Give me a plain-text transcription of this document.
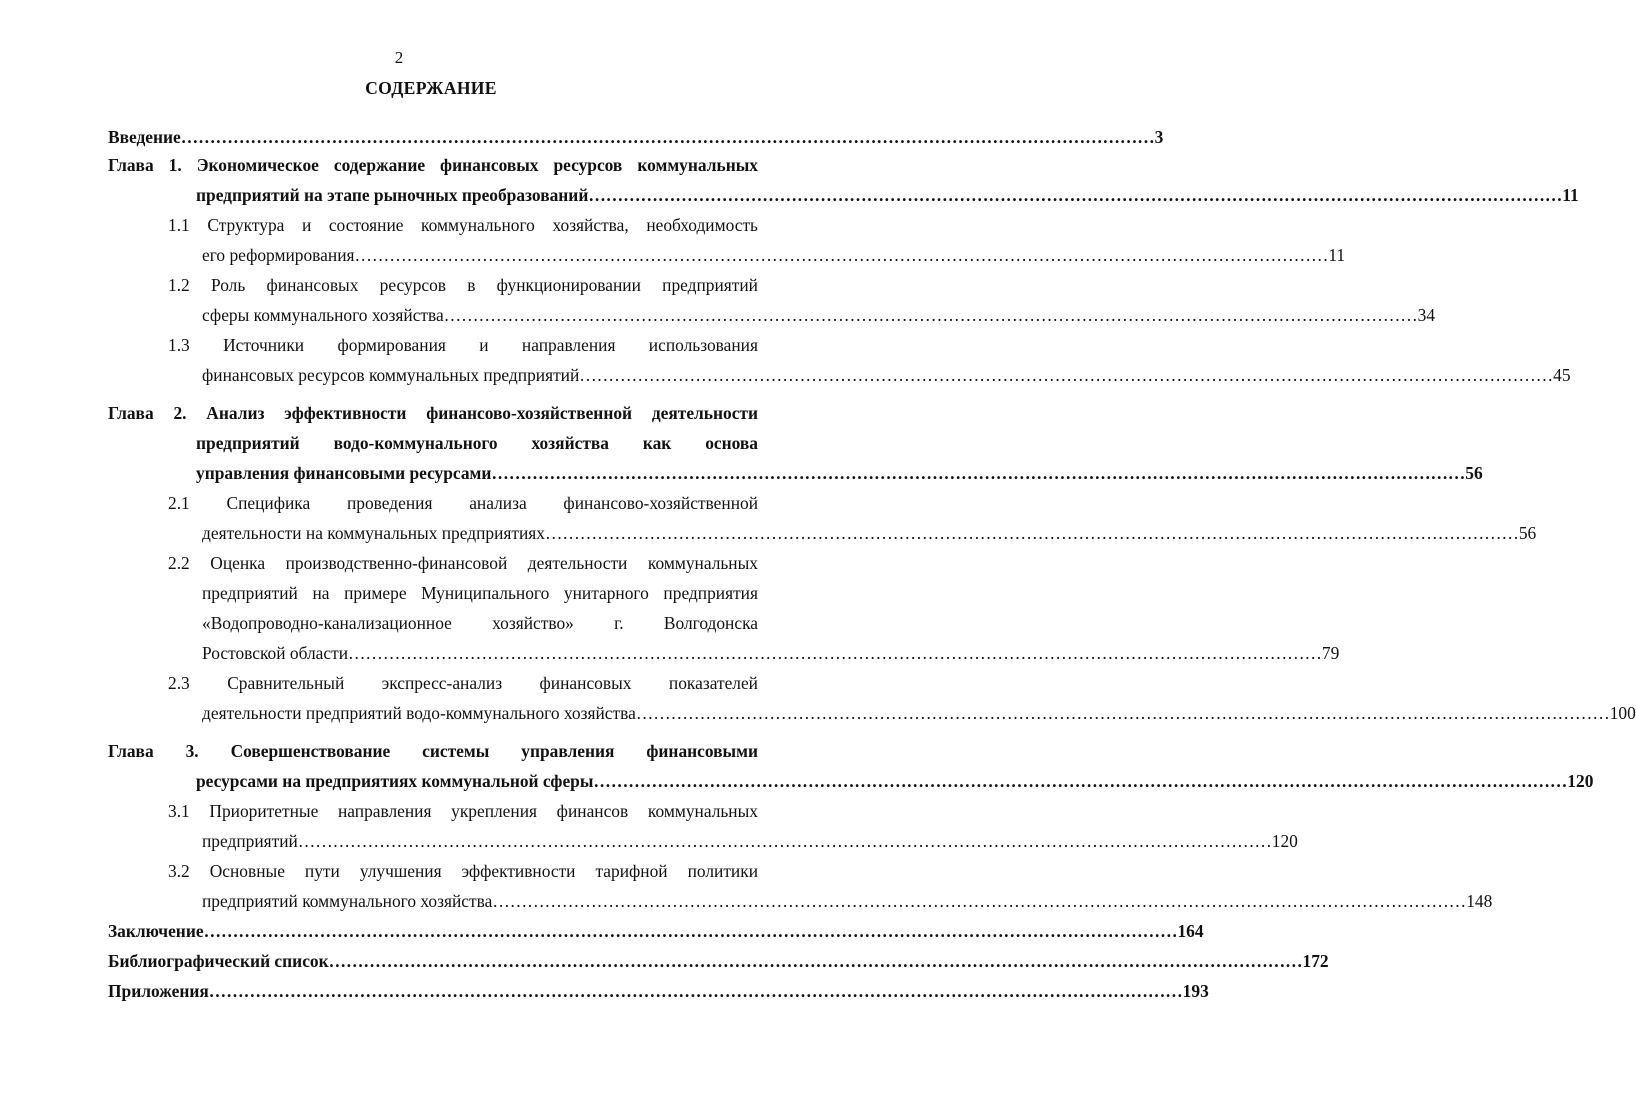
2
СОДЕРЖАНИЕ
Введение …………………………………………………………………………………………………………………………………………………… 3
Глава 1. Экономическое содержание финансовых ресурсов коммунальных
предприятий на этапе рыночных преобразований …………………………………………………………………………………………………………………………………………………… 11
1.1 Структура и состояние коммунального хозяйства, необходимость
его реформирования …………………………………………………………………………………………………………………………………………………… 11
1.2 Роль финансовых ресурсов в функционировании предприятий
сферы коммунального хозяйства …………………………………………………………………………………………………………………………………………………… 34
1.3 Источники формирования и направления использования
финансовых ресурсов коммунальных предприятий …………………………………………………………………………………………………………………………………………………… 45
Глава 2. Анализ эффективности финансово-хозяйственной деятельности
предприятий водо-коммунального хозяйства как основа
управления финансовыми ресурсами …………………………………………………………………………………………………………………………………………………… 56
2.1 Специфика проведения анализа финансово-хозяйственной
деятельности на коммунальных предприятиях …………………………………………………………………………………………………………………………………………………… 56
2.2 Оценка производственно-финансовой деятельности коммунальных
предприятий на примере Муниципального унитарного предприятия
«Водопроводно-канализационное хозяйство» г. Волгодонска
Ростовской области …………………………………………………………………………………………………………………………………………………… 79
2.3 Сравнительный экспресс-анализ финансовых показателей
деятельности предприятий водо-коммунального хозяйства …………………………………………………………………………………………………………………………………………………… 100
Глава 3. Совершенствование системы управления финансовыми
ресурсами на предприятиях коммунальной сферы …………………………………………………………………………………………………………………………………………………… 120
3.1 Приоритетные направления укрепления финансов коммунальных
предприятий …………………………………………………………………………………………………………………………………………………… 120
3.2 Основные пути улучшения эффективности тарифной политики
предприятий коммунального хозяйства …………………………………………………………………………………………………………………………………………………… 148
Заключение …………………………………………………………………………………………………………………………………………………… 164
Библиографический список …………………………………………………………………………………………………………………………………………………… 172
Приложения …………………………………………………………………………………………………………………………………………………… 193
